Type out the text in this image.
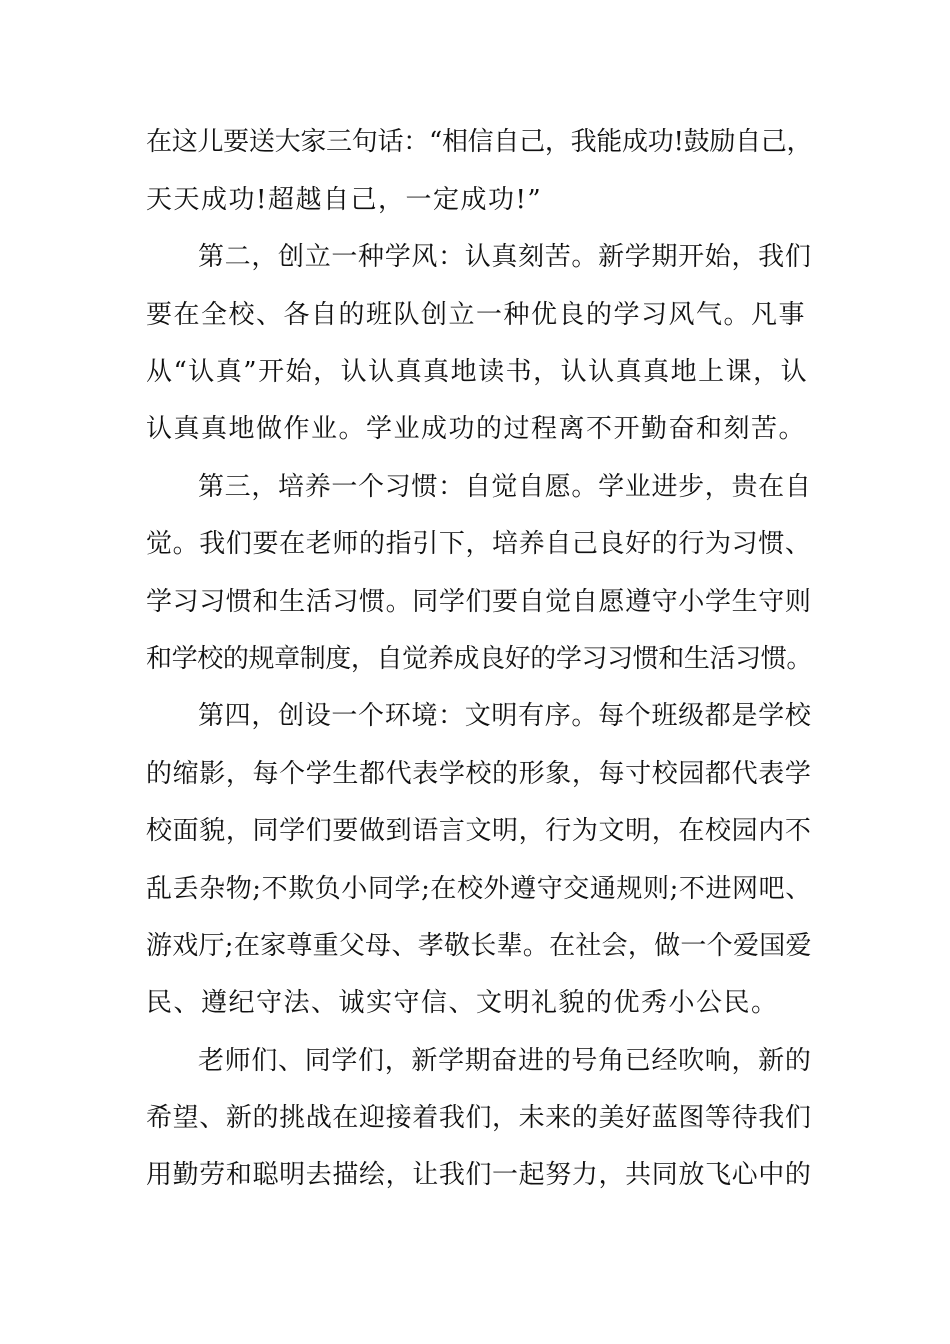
在这儿要送大家三句话：“相信自己，我能成功!鼓励自己，
天天成功!超越自己，一定成功!”
第二，创立一种学风：认真刻苦。新学期开始，我们
要在全校、各自的班队创立一种优良的学习风气。凡事
从“认真”开始，认认真真地读书，认认真真地上课，认
认真真地做作业。学业成功的过程离不开勤奋和刻苦。
第三，培养一个习惯：自觉自愿。学业进步，贵在自
觉。我们要在老师的指引下，培养自己良好的行为习惯、
学习习惯和生活习惯。同学们要自觉自愿遵守小学生守则
和学校的规章制度，自觉养成良好的学习习惯和生活习惯。
第四，创设一个环境：文明有序。每个班级都是学校
的缩影，每个学生都代表学校的形象，每寸校园都代表学
校面貌，同学们要做到语言文明，行为文明，在校园内不
乱丢杂物;不欺负小同学;在校外遵守交通规则;不进网吧、
游戏厅;在家尊重父母、孝敬长辈。在社会，做一个爱国爱
民、遵纪守法、诚实守信、文明礼貌的优秀小公民。
老师们、同学们，新学期奋进的号角已经吹响，新的
希望、新的挑战在迎接着我们，未来的美好蓝图等待我们
用勤劳和聪明去描绘，让我们一起努力，共同放飞心中的
